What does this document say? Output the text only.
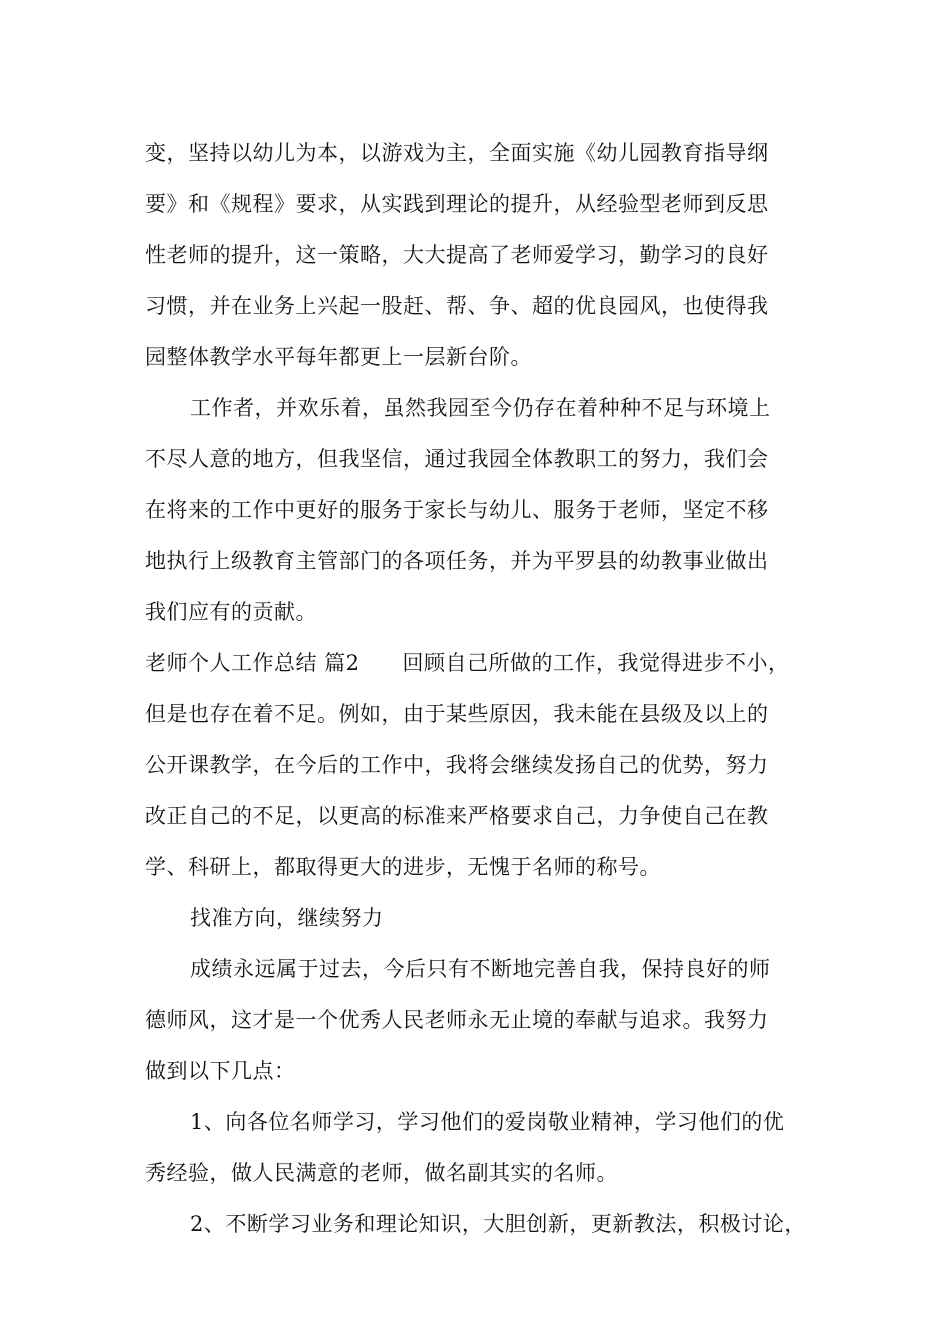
变，坚持以幼儿为本，以游戏为主，全面实施《幼儿园教育指导纲
要》和《规程》要求，从实践到理论的提升，从经验型老师到反思
性老师的提升，这一策略，大大提高了老师爱学习，勤学习的良好
习惯，并在业务上兴起一股赶、帮、争、超的优良园风，也使得我
园整体教学水平每年都更上一层新台阶。
工作者，并欢乐着，虽然我园至今仍存在着种种不足与环境上
不尽人意的地方，但我坚信，通过我园全体教职工的努力，我们会
在将来的工作中更好的服务于家长与幼儿、服务于老师，坚定不移
地执行上级教育主管部门的各项任务，并为平罗县的幼教事业做出
我们应有的贡献。
老师个人工作总结 篇2　　回顾自己所做的工作，我觉得进步不小，
但是也存在着不足。例如，由于某些原因，我未能在县级及以上的
公开课教学，在今后的工作中，我将会继续发扬自己的优势，努力
改正自己的不足，以更高的标准来严格要求自己，力争使自己在教
学、科研上，都取得更大的进步，无愧于名师的称号。
找准方向，继续努力
成绩永远属于过去，今后只有不断地完善自我，保持良好的师
德师风，这才是一个优秀人民老师永无止境的奉献与追求。我努力
做到以下几点：
1、向各位名师学习，学习他们的爱岗敬业精神，学习他们的优
秀经验，做人民满意的老师，做名副其实的名师。
2、不断学习业务和理论知识，大胆创新，更新教法，积极讨论，
